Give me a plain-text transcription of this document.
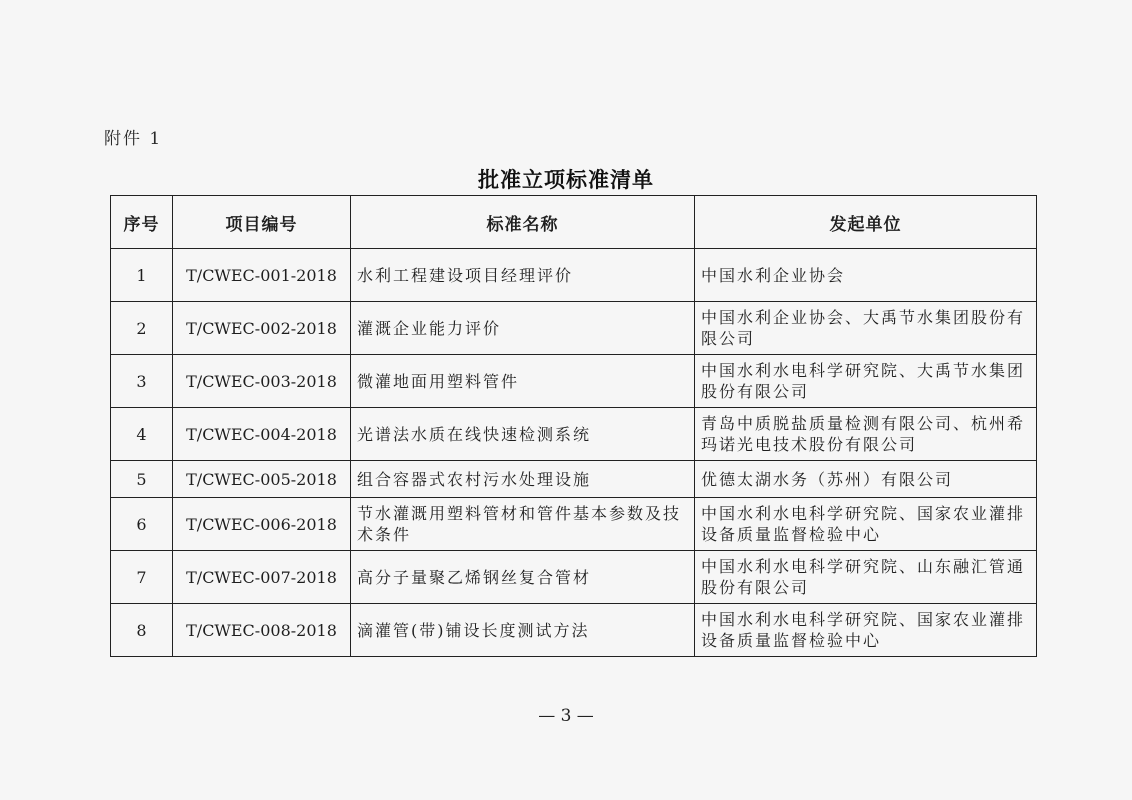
附件 1
批准立项标准清单
序号	项目编号	标准名称	发起单位
1	T/CWEC-001-2018	水利工程建设项目经理评价	中国水利企业协会
2	T/CWEC-002-2018	灌溉企业能力评价	中国水利企业协会、大禹节水集团股份有限公司
3	T/CWEC-003-2018	微灌地面用塑料管件	中国水利水电科学研究院、大禹节水集团股份有限公司
4	T/CWEC-004-2018	光谱法水质在线快速检测系统	青岛中质脱盐质量检测有限公司、杭州希玛诺光电技术股份有限公司
5	T/CWEC-005-2018	组合容器式农村污水处理设施	优德太湖水务（苏州）有限公司
6	T/CWEC-006-2018	节水灌溉用塑料管材和管件基本参数及技术条件	中国水利水电科学研究院、国家农业灌排设备质量监督检验中心
7	T/CWEC-007-2018	高分子量聚乙烯钢丝复合管材	中国水利水电科学研究院、山东融汇管通股份有限公司
8	T/CWEC-008-2018	滴灌管(带)铺设长度测试方法	中国水利水电科学研究院、国家农业灌排设备质量监督检验中心
— 3 —
